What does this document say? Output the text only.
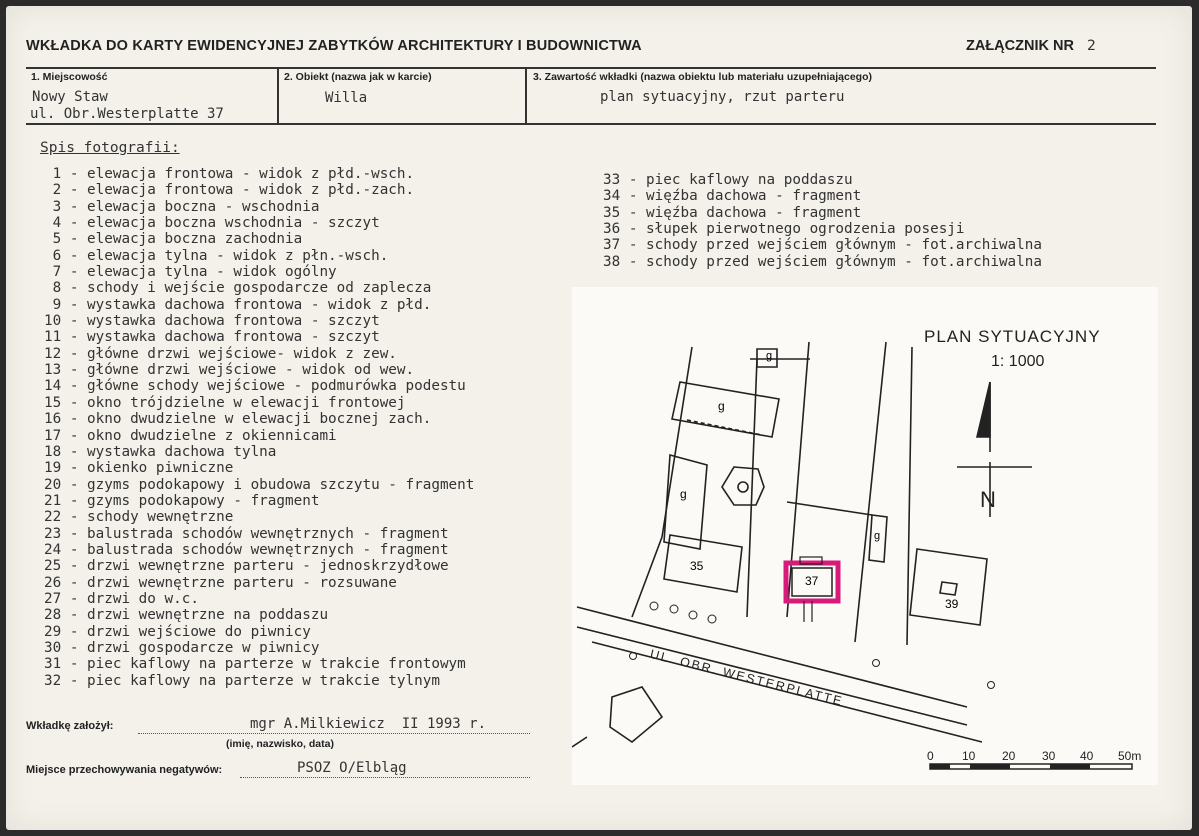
WKŁADKA DO KARTY EWIDENCYJNEJ ZABYTKÓW ARCHITEKTURY I BUDOWNICTWA	ZAŁĄCZNIK NR 2
1. Miejscowość
Nowy Staw
ul. Obr.Westerplatte 37
2. Obiekt (nazwa jak w karcie)
Willa
3. Zawartość wkładki (nazwa obiektu lub materiału uzupełniającego)
plan sytuacyjny, rzut parteru
Spis fotografii:
1 - elewacja frontowa - widok z płd.-wsch.
2 - elewacja frontowa - widok z płd.-zach.
3 - elewacja boczna - wschodnia
4 - elewacja boczna wschodnia - szczyt
5 - elewacja boczna zachodnia
6 - elewacja tylna - widok z płn.-wsch.
7 - elewacja tylna - widok ogólny
8 - schody i wejście gospodarcze od zaplecza
9 - wystawka dachowa frontowa - widok z płd.
10 - wystawka dachowa frontowa - szczyt
11 - wystawka dachowa frontowa - szczyt
12 - główne drzwi wejściowe- widok z zew.
13 - główne drzwi wejściowe - widok od wew.
14 - główne schody wejściowe - podmurówka podestu
15 - okno trójdzielne w elewacji frontowej
16 - okno dwudzielne w elewacji bocznej zach.
17 - okno dwudzielne z okiennicami
18 - wystawka dachowa tylna
19 - okienko piwniczne
20 - gzyms podokapowy i obudowa szczytu - fragment
21 - gzyms podokapowy - fragment
22 - schody wewnętrzne
23 - balustrada schodów wewnętrznych - fragment
24 - balustrada schodów wewnętrznych - fragment
25 - drzwi wewnętrzne parteru - jednoskrzydłowe
26 - drzwi wewnętrzne parteru - rozsuwane
27 - drzwi do w.c.
28 - drzwi wewnętrzne na poddaszu
29 - drzwi wejściowe do piwnicy
30 - drzwi gospodarcze w piwnicy
31 - piec kaflowy na parterze w trakcie frontowym
32 - piec kaflowy na parterze w trakcie tylnym
33 - piec kaflowy na poddaszu
34 - więźba dachowa - fragment
35 - więźba dachowa - fragment
36 - słupek pierwotnego ogrodzenia posesji
37 - schody przed wejściem głównym - fot.archiwalna
38 - schody przed wejściem głównym - fot.archiwalna
PLAN SYTUACYJNY
1: 1000
N
UL. OBR. WESTERPLATTE
g
g
g
g
35
37
39
0 10 20 30 40 50m
Wkładkę założył:	mgr A.Milkiewicz  II 1993 r.
(imię, nazwisko, data)
Miejsce przechowywania negatywów:	PSOZ O/Elbląg
